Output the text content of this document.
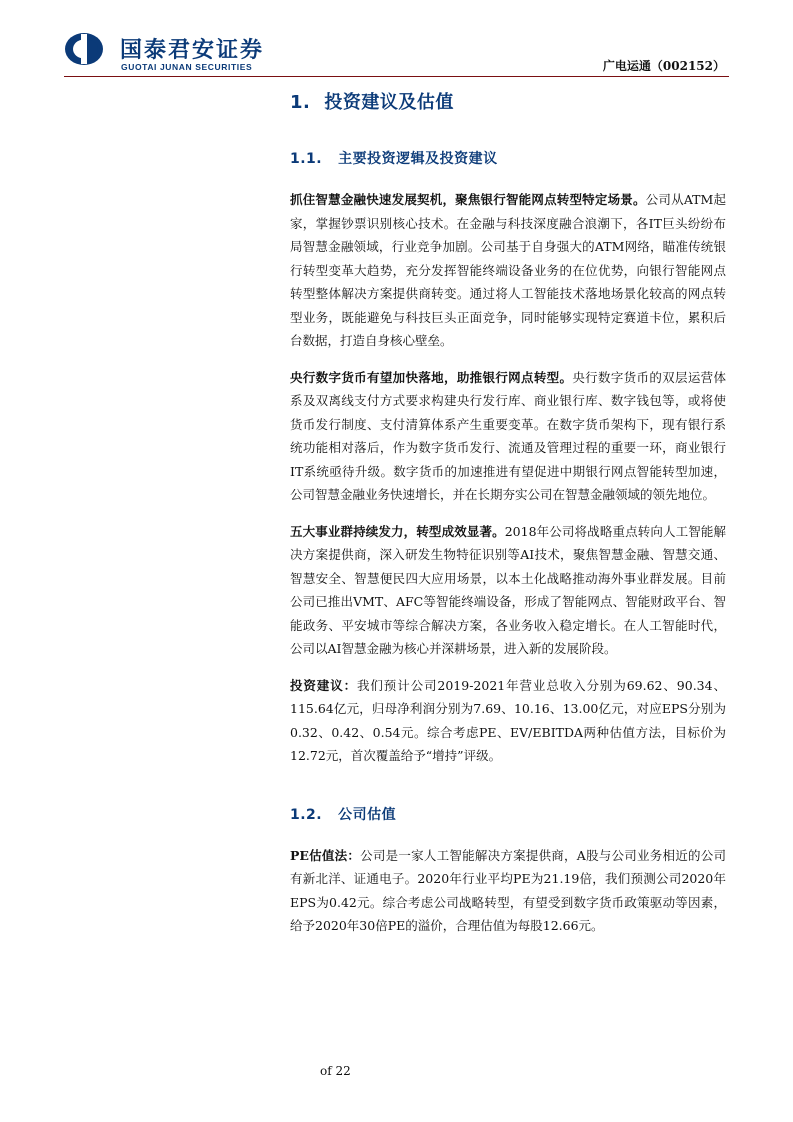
国泰君安证券
GUOTAI JUNAN SECURITIES	广电运通（002152）
1. 投资建议及估值
1.1. 主要投资逻辑及投资建议

抓住智慧金融快速发展契机，聚焦银行智能网点转型特定场景。公司从ATM起家，掌握钞票识别核心技术。在金融与科技深度融合浪潮下，各IT巨头纷纷布局智慧金融领域，行业竞争加剧。公司基于自身强大的ATM网络，瞄准传统银行转型变革大趋势，充分发挥智能终端设备业务的在位优势，向银行智能网点转型整体解决方案提供商转变。通过将人工智能技术落地场景化较高的网点转型业务，既能避免与科技巨头正面竞争，同时能够实现特定赛道卡位，累积后台数据，打造自身核心壁垒。

央行数字货币有望加快落地，助推银行网点转型。央行数字货币的双层运营体系及双离线支付方式要求构建央行发行库、商业银行库、数字钱包等，或将使货币发行制度、支付清算体系产生重要变革。在数字货币架构下，现有银行系统功能相对落后，作为数字货币发行、流通及管理过程的重要一环，商业银行IT系统亟待升级。数字货币的加速推进有望促进中期银行网点智能转型加速，公司智慧金融业务快速增长，并在长期夯实公司在智慧金融领域的领先地位。

五大事业群持续发力，转型成效显著。2018年公司将战略重点转向人工智能解决方案提供商，深入研发生物特征识别等AI技术，聚焦智慧金融、智慧交通、智慧安全、智慧便民四大应用场景，以本土化战略推动海外事业群发展。目前公司已推出VMT、AFC等智能终端设备，形成了智能网点、智能财政平台、智能政务、平安城市等综合解决方案，各业务收入稳定增长。在人工智能时代，公司以AI智慧金融为核心并深耕场景，进入新的发展阶段。

投资建议：我们预计公司2019-2021年营业总收入分别为69.62、90.34、115.64亿元，归母净利润分别为7.69、10.16、13.00亿元，对应EPS分别为0.32、0.42、0.54元。综合考虑PE、EV/EBITDA两种估值方法，目标价为12.72元，首次覆盖给予“增持”评级。

1.2. 公司估值

PE估值法：公司是一家人工智能解决方案提供商，A股与公司业务相近的公司有新北洋、证通电子。2020年行业平均PE为21.19倍，我们预测公司2020年EPS为0.42元。综合考虑公司战略转型，有望受到数字货币政策驱动等因素，给予2020年30倍PE的溢价，合理估值为每股12.66元。

of 22
